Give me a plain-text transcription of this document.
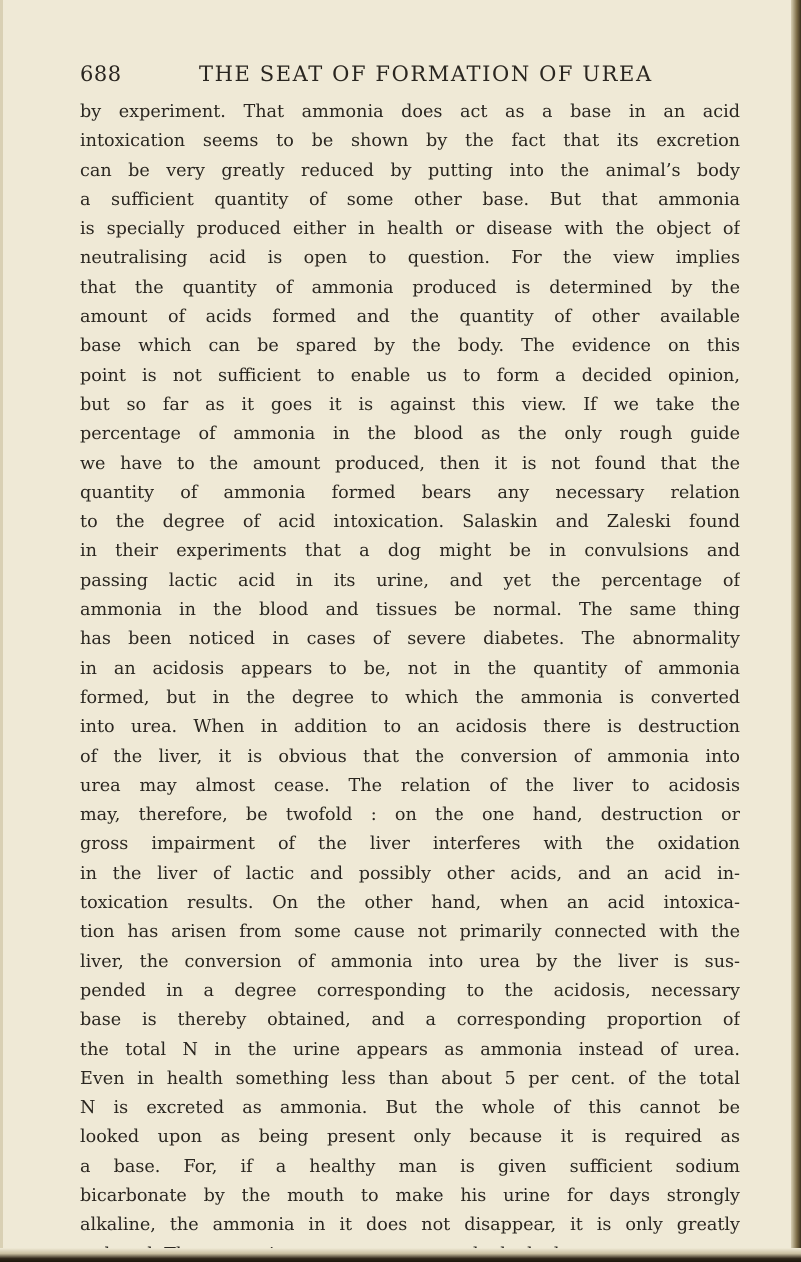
688	THE SEAT OF FORMATION OF UREA
by experiment. That ammonia does act as a base in an acid
intoxication seems to be shown by the fact that its excretion
can be very greatly reduced by putting into the animal’s body
a sufficient quantity of some other base. But that ammonia
is specially produced either in health or disease with the object of
neutralising acid is open to question. For the view implies
that the quantity of ammonia produced is determined by the
amount of acids formed and the quantity of other available
base which can be spared by the body. The evidence on this
point is not sufficient to enable us to form a decided opinion,
but so far as it goes it is against this view. If we take the
percentage of ammonia in the blood as the only rough guide
we have to the amount produced, then it is not found that the
quantity of ammonia formed bears any necessary relation
to the degree of acid intoxication. Salaskin and Zaleski found
in their experiments that a dog might be in convulsions and
passing lactic acid in its urine, and yet the percentage of
ammonia in the blood and tissues be normal. The same thing
has been noticed in cases of severe diabetes. The abnormality
in an acidosis appears to be, not in the quantity of ammonia
formed, but in the degree to which the ammonia is converted
into urea. When in addition to an acidosis there is destruction
of the liver, it is obvious that the conversion of ammonia into
urea may almost cease. The relation of the liver to acidosis
may, therefore, be twofold : on the one hand, destruction or
gross impairment of the liver interferes with the oxidation
in the liver of lactic and possibly other acids, and an acid in-
toxication results. On the other hand, when an acid intoxica-
tion has arisen from some cause not primarily connected with the
liver, the conversion of ammonia into urea by the liver is sus-
pended in a degree corresponding to the acidosis, necessary
base is thereby obtained, and a corresponding proportion of
the total N in the urine appears as ammonia instead of urea.
Even in health something less than about 5 per cent. of the total
N is excreted as ammonia. But the whole of this cannot be
looked upon as being present only because it is required as
a base. For, if a healthy man is given sufficient sodium
bicarbonate by the mouth to make his urine for days strongly
alkaline, the ammonia in it does not disappear, it is only greatly
